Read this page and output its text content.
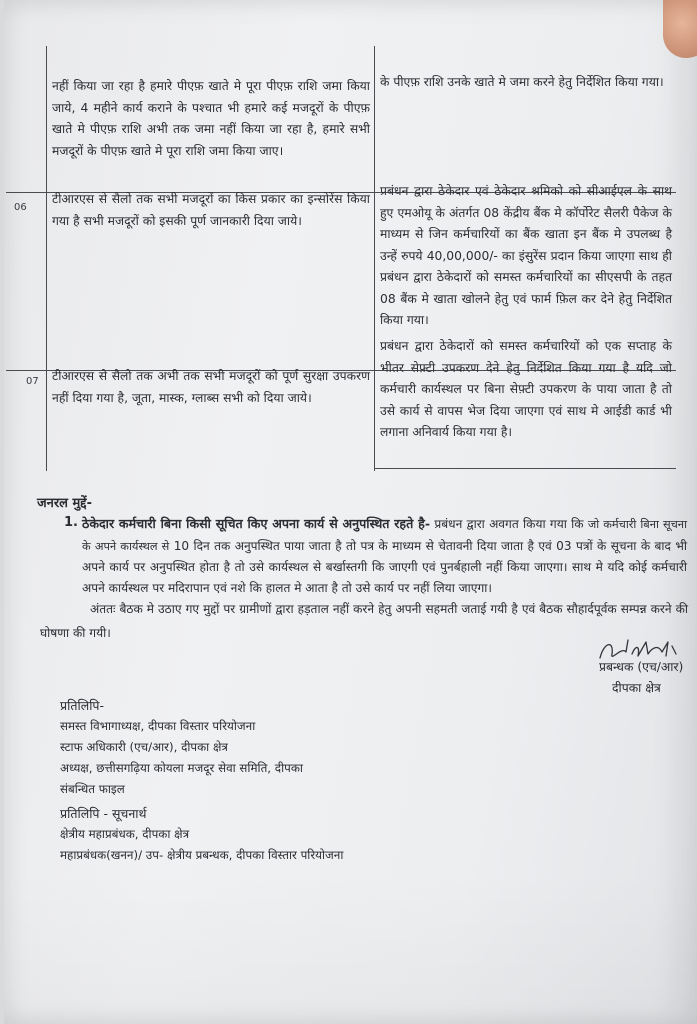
नहीं किया जा रहा है हमारे पीएफ़ खाते मे पूरा पीएफ़ राशि जमा किया जाये, 4 महीने कार्य कराने के पश्चात भी हमारे कई मजदूरों के पीएफ़ खाते मे पीएफ़ राशि अभी तक जमा नहीं किया जा रहा है, हमारे सभी मजदूरों के पीएफ़ खाते मे पूरा राशि जमा किया जाए।
के पीएफ़ राशि उनके खाते मे जमा करने हेतु निर्देशित किया गया।
06
टीआरएस से सैलो तक सभी मजदूरों का किस प्रकार का इन्सोरेंस किया गया है सभी मजदूरों को इसकी पूर्ण जानकारी दिया जाये।
प्रबंधन द्वारा ठेकेदार एवं ठेकेदार श्रमिको को सीआईएल के साथ हुए एमओयू के अंतर्गत 08 केंद्रीय बैंक मे कॉर्पोरेट सैलरी पैकेज के माध्यम से जिन कर्मचारियों का बैंक खाता इन बैंक मे उपलब्ध है उन्हें रुपये 40,00,000/- का इंसुरेंस प्रदान किया जाएगा साथ ही प्रबंधन द्वारा ठेकेदारों को समस्त कर्मचारियों का सीएसपी के तहत 08 बैंक मे खाता खोलने हेतु एवं फार्म फ़िल कर देने हेतु निर्देशित किया गया।
07 टीआरएस से सैलो तक अभी तक सभी मजदूरों को पूर्ण सुरक्षा उपकरण नहीं दिया गया है, जूता, मास्क, ग्लाब्स सभी को दिया जाये।
प्रबंधन द्वारा ठेकेदारों को समस्त कर्मचारियों को एक सप्ताह के भीतर सेफ़्टी उपकरण देने हेतु निर्देशित किया गया है यदि जो कर्मचारी कार्यस्थल पर बिना सेफ़्टी उपकरण के पाया जाता है तो उसे कार्य से वापस भेज दिया जाएगा एवं साथ मे आईडी कार्ड भी लगाना अनिवार्य किया गया है।
जनरल मुद्दें-
1. ठेकेदार कर्मचारी बिना किसी सूचित किए अपना कार्य से अनुपस्थित रहते है- प्रबंधन द्वारा अवगत किया गया कि जो कर्मचारी बिना सूचना के अपने कार्यस्थल से 10 दिन तक अनुपस्थित पाया जाता है तो पत्र के माध्यम से चेतावनी दिया जाता है एवं 03 पत्रों के सूचना के बाद भी अपने कार्य पर अनुपस्थित होता है तो उसे कार्यस्थल से बर्खास्तगी कि जाएगी एवं पुनर्बहाली नहीं किया जाएगा। साथ मे यदि कोई कर्मचारी अपने कार्यस्थल पर मदिरापान एवं नशे कि हालत मे आता है तो उसे कार्य पर नहीं लिया जाएगा।
अंततः बैठक मे उठाए गए मुद्दों पर ग्रामीणों द्वारा हड़ताल नहीं करने हेतु अपनी सहमती जताई गयी है एवं बैठक सौहार्दपूर्वक सम्पन्न करने की घोषणा की गयी।
प्रबन्धक (एच/आर)
दीपका क्षेत्र
प्रतिलिपि-
समस्त विभागाध्यक्ष, दीपका विस्तार परियोजना
स्टाफ अधिकारी (एच/आर), दीपका क्षेत्र
अध्यक्ष, छत्तीसगढ़िया कोयला मजदूर सेवा समिति, दीपका
संबन्धित फाइल
प्रतिलिपि - सूचनार्थ
क्षेत्रीय महाप्रबंधक, दीपका क्षेत्र
महाप्रबंधक(खनन)/ उप- क्षेत्रीय प्रबन्धक, दीपका विस्तार परियोजना
